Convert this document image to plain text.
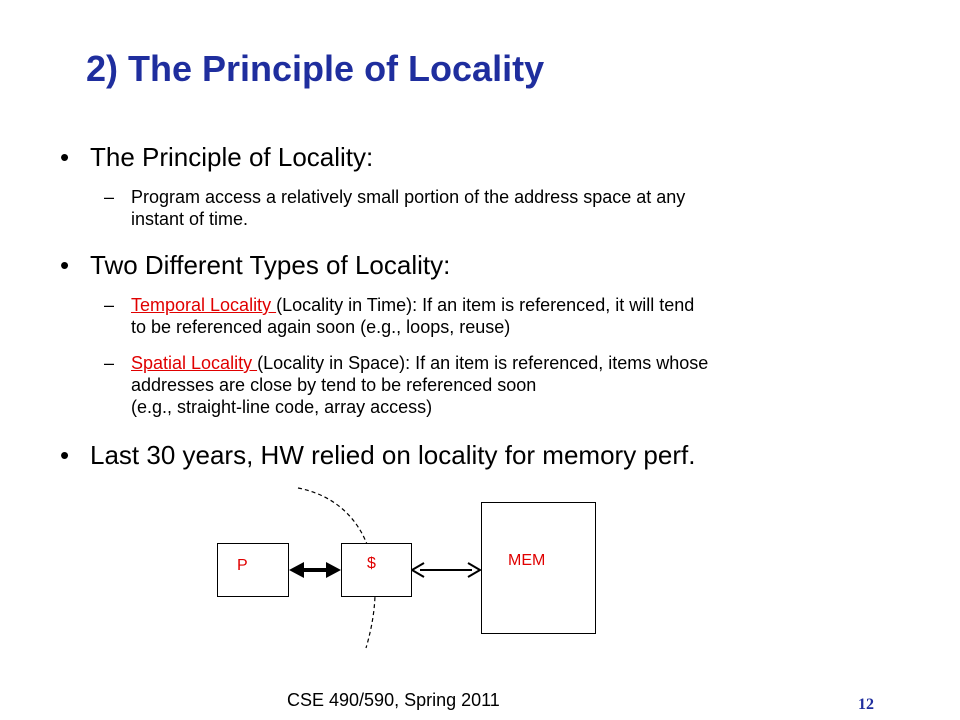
2) The Principle of Locality
• The Principle of Locality:
– Program access a relatively small portion of the address space at any
instant of time.
• Two Different Types of Locality:
– Temporal Locality (Locality in Time): If an item is referenced, it will tend
to be referenced again soon (e.g., loops, reuse)
– Spatial Locality (Locality in Space): If an item is referenced, items whose
addresses are close by tend to be referenced soon
(e.g., straight-line code, array access)
• Last 30 years, HW relied on locality for memory perf.
P	$	MEM
CSE 490/590, Spring 2011	12
